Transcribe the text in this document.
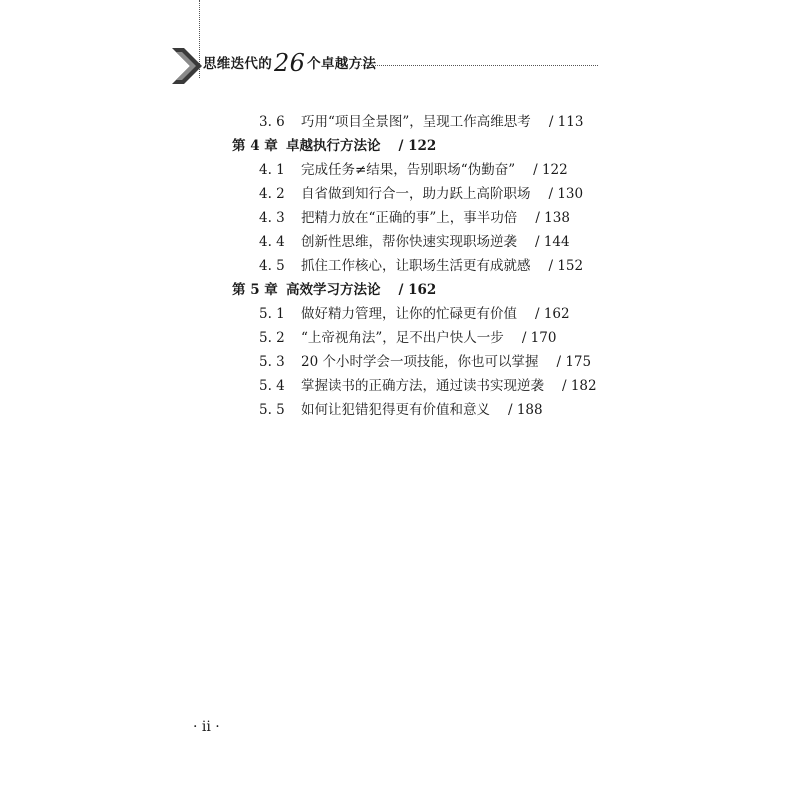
思维迭代的26 个卓越方法
3. 6 巧用“项目全景图”，呈现工作高维思考 / 113
第 4 章 卓越执行方法论 / 122
4. 1 完成任务≠结果，告别职场“伪勤奋” / 122
4. 2 自省做到知行合一，助力跃上高阶职场 / 130
4. 3 把精力放在“正确的事”上，事半功倍 / 138
4. 4 创新性思维，帮你快速实现职场逆袭 / 144
4. 5 抓住工作核心，让职场生活更有成就感 / 152
第 5 章 高效学习方法论 / 162
5. 1 做好精力管理，让你的忙碌更有价值 / 162
5. 2 “上帝视角法”，足不出户快人一步 / 170
5. 3 20 个小时学会一项技能，你也可以掌握 / 175
5. 4 掌握读书的正确方法，通过读书实现逆袭 / 182
5. 5 如何让犯错犯得更有价值和意义 / 188
· ii ·
